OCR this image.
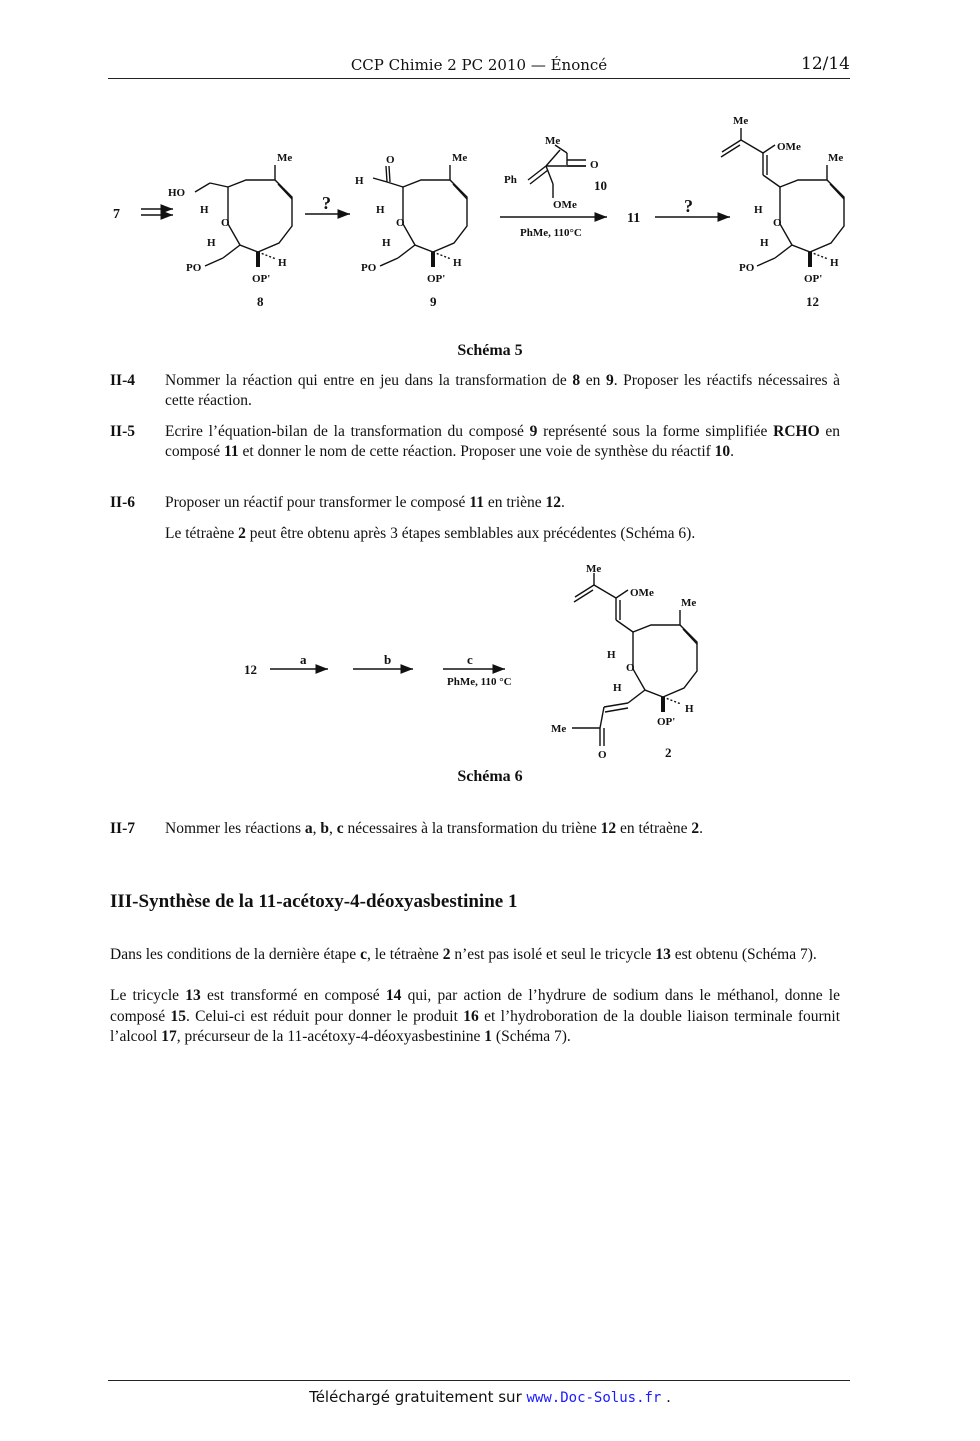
CCP Chimie 2 PC 2010 — Énoncé	12/14
Me
HO
H
O
H
PO
OP'
H
Me
O
H
H
O
H
PO
OP'
H
Me
Ph
O
OMe
Me
OMe
Me
H
O
H
PO
OP'
H
7
?
10
PhMe, 110°C
11
?
8	9	12
Schéma 5
II-4 Nommer la réaction qui entre en jeu dans la transformation de 8 en 9. Proposer les réactifs nécessaires à cette réaction.
II-5 Ecrire l’équation-bilan de la transformation du composé 9 représenté sous la forme simplifiée RCHO en composé 11 et donner le nom de cette réaction. Proposer une voie de synthèse du réactif 10.
II-6 Proposer un réactif pour transformer le composé 11 en triène 12.
Le tétraène 2 peut être obtenu après 3 étapes semblables aux précédentes (Schéma 6).
Me
OMe
Me
H
O
H
Me
O
OP'
H
12
a	b	c
PhMe, 110 °C
2
Schéma 6
II-7 Nommer les réactions a, b, c nécessaires à la transformation du triène 12 en tétraène 2.
III-Synthèse de la 11-acétoxy-4-déoxyasbestinine 1
Dans les conditions de la dernière étape c, le tétraène 2 n’est pas isolé et seul le tricycle 13 est obtenu (Schéma 7).
Le tricycle 13 est transformé en composé 14 qui, par action de l’hydrure de sodium dans le méthanol, donne le composé 15. Celui-ci est réduit pour donner le produit 16 et l’hydroboration de la double liaison terminale fournit l’alcool 17, précurseur de la 11-acétoxy-4-déoxyasbestinine 1 (Schéma 7).
Téléchargé gratuitement sur www.Doc-Solus.fr .
